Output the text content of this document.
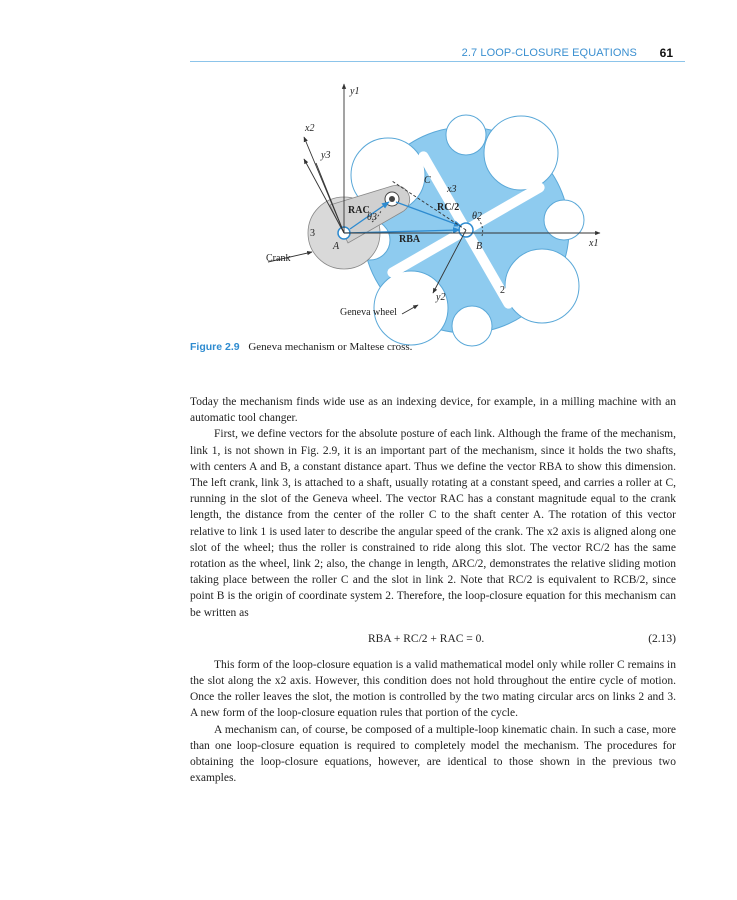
2.7 LOOP-CLOSURE EQUATIONS 61
y1
x2
y3
C
x3
RAC	RC/2
θ3	θ2
3
RBA	x1
A	B
Crank
2
y2
Geneva wheel
Figure 2.9 Geneva mechanism or Maltese cross.

Today the mechanism finds wide use as an indexing device, for example, in a milling machine with an automatic tool changer.

First, we define vectors for the absolute posture of each link. Although the frame of the mechanism, link 1, is not shown in Fig. 2.9, it is an important part of the mechanism, since it holds the two shafts, with centers A and B, a constant distance apart. Thus we define the vector RBA to show this dimension. The left crank, link 3, is attached to a shaft, usually rotating at a constant speed, and carries a roller at C, running in the slot of the Geneva wheel. The vector RAC has a constant magnitude equal to the crank length, the distance from the center of the roller C to the shaft center A. The rotation of this vector relative to link 1 is used later to describe the angular speed of the crank. The x2 axis is aligned along one slot of the wheel; thus the roller is constrained to ride along this slot. The vector RC/2 has the same rotation as the wheel, link 2; also, the change in length, ΔRC/2, demonstrates the relative sliding motion taking place between the roller C and the slot in link 2. Note that RC/2 is equivalent to RCB/2, since point B is the origin of coordinate system 2. Therefore, the loop-closure equation for this mechanism can be written as

RBA + RC/2 + RAC = 0.	(2.13)

This form of the loop-closure equation is a valid mathematical model only while roller C remains in the slot along the x2 axis. However, this condition does not hold throughout the entire cycle of motion. Once the roller leaves the slot, the motion is controlled by the two mating circular arcs on links 2 and 3. A new form of the loop-closure equation rules that portion of the cycle.

A mechanism can, of course, be composed of a multiple-loop kinematic chain. In such a case, more than one loop-closure equation is required to completely model the mechanism. The procedures for obtaining the loop-closure equations, however, are identical to those shown in the previous two examples.
